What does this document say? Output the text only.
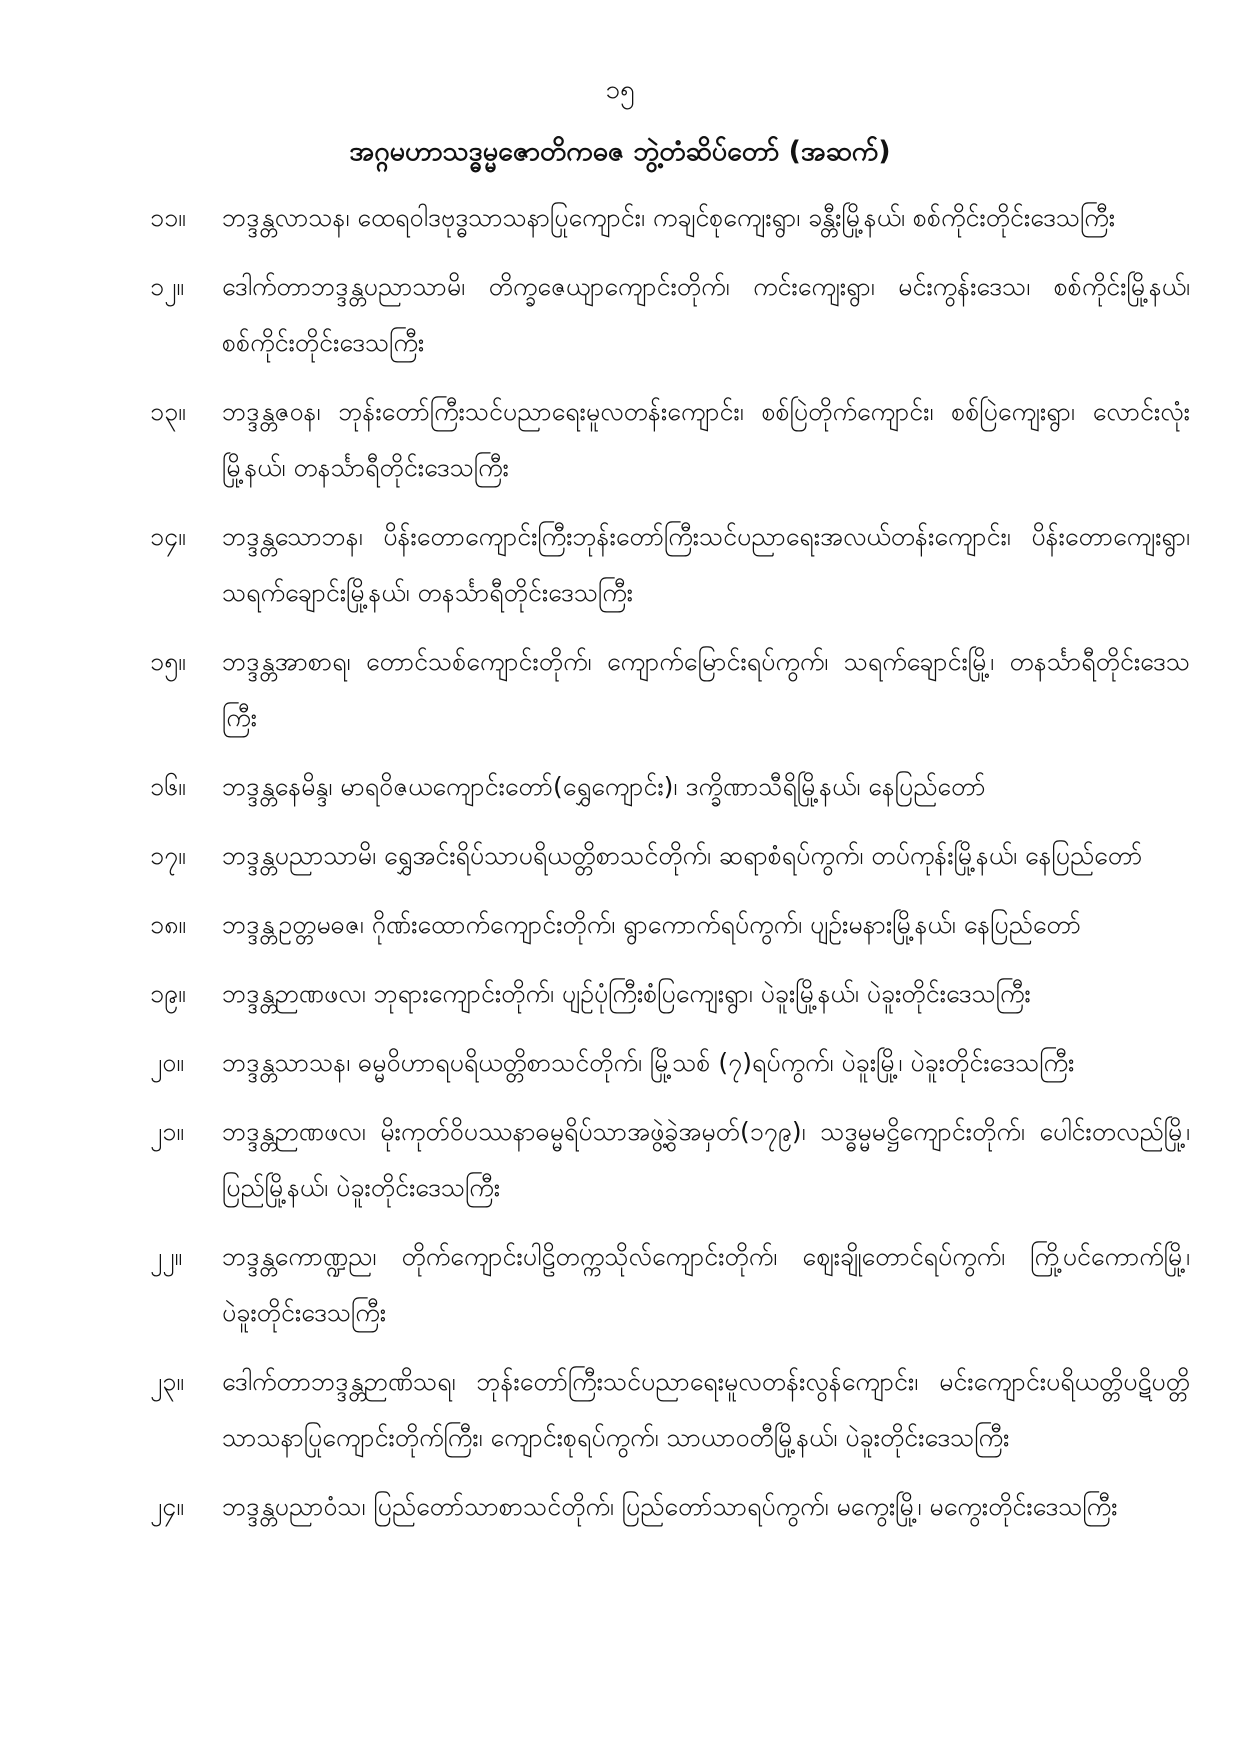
၁၅
အဂ္ဂမဟာသဒ္ဓမ္မဇောတိကဓဇ ဘွဲ့တံဆိပ်တော် (အဆက်)
၁၁။	ဘဒ္ဒန္တလာသန၊ ထေရဝါဒဗုဒ္ဓသာသနာပြုကျောင်း၊ ကချင်စုကျေးရွာ၊ ခန္တီးမြို့နယ်၊ စစ်ကိုင်းတိုင်းဒေသကြီး
၁၂။	ဒေါက်တာဘဒ္ဒန္တပညာသာမိ၊ တိက္ခဇေယျာကျောင်းတိုက်၊ ကင်းကျေးရွာ၊ မင်းကွန်းဒေသ၊ စစ်ကိုင်းမြို့နယ်၊ စစ်ကိုင်းတိုင်းဒေသကြီး
၁၃။	ဘဒ္ဒန္တဇဝန၊ ဘုန်းတော်ကြီးသင်ပညာရေးမူလတန်းကျောင်း၊ စစ်ပြဲတိုက်ကျောင်း၊ စစ်ပြဲကျေးရွာ၊ လောင်းလုံးမြို့နယ်၊ တနင်္သာရီတိုင်းဒေသကြီး
၁၄။	ဘဒ္ဒန္တသောဘန၊ ပိန်းတောကျောင်းကြီးဘုန်းတော်ကြီးသင်ပညာရေးအလယ်တန်းကျောင်း၊ ပိန်းတောကျေးရွာ၊ သရက်ချောင်းမြို့နယ်၊ တနင်္သာရီတိုင်းဒေသကြီး
၁၅။	ဘဒ္ဒန္တအာစာရ၊ တောင်သစ်ကျောင်းတိုက်၊ ကျောက်မြောင်းရပ်ကွက်၊ သရက်ချောင်းမြို့၊ တနင်္သာရီတိုင်းဒေသကြီး
၁၆။	ဘဒ္ဒန္တနေမိန္ဒ၊ မာရဝိဇယကျောင်းတော်(ရွှေကျောင်း)၊ ဒက္ခိဏာသီရိမြို့နယ်၊ နေပြည်တော်
၁၇။	ဘဒ္ဒန္တပညာသာမိ၊ ရွှေအင်းရိပ်သာပရိယတ္တိစာသင်တိုက်၊ ဆရာစံရပ်ကွက်၊ တပ်ကုန်းမြို့နယ်၊ နေပြည်တော်
၁၈။	ဘဒ္ဒန္တဥတ္တမဓဇ၊ ဂိုဏ်းထောက်ကျောင်းတိုက်၊ ရွာကောက်ရပ်ကွက်၊ ပျဉ်းမနားမြို့နယ်၊ နေပြည်တော်
၁၉။	ဘဒ္ဒန္တဉာဏဖလ၊ ဘုရားကျောင်းတိုက်၊ ပျဉ်ပုံကြီးစံပြကျေးရွာ၊ ပဲခူးမြို့နယ်၊ ပဲခူးတိုင်းဒေသကြီး
၂၀။	ဘဒ္ဒန္တသာသန၊ ဓမ္မဝိဟာရပရိယတ္တိစာသင်တိုက်၊ မြို့သစ် (၇)ရပ်ကွက်၊ ပဲခူးမြို့၊ ပဲခူးတိုင်းဒေသကြီး
၂၁။	ဘဒ္ဒန္တဉာဏဖလ၊ မိုးကုတ်ဝိပဿနာဓမ္မရိပ်သာအဖွဲ့ခွဲအမှတ်(၁၇၉)၊ သဒ္ဓမ္မမဋ္ဌိကျောင်းတိုက်၊ ပေါင်းတလည်မြို့၊ ပြည်မြို့နယ်၊ ပဲခူးတိုင်းဒေသကြီး
၂၂။	ဘဒ္ဒန္တကောဏ္ဍည၊ တိုက်ကျောင်းပါဠိတက္ကသိုလ်ကျောင်းတိုက်၊ ဈေးချိုတောင်ရပ်ကွက်၊ ကြို့ပင်ကောက်မြို့၊ ပဲခူးတိုင်းဒေသကြီး
၂၃။	ဒေါက်တာဘဒ္ဒန္တဉာဏိသရ၊ ဘုန်းတော်ကြီးသင်ပညာရေးမူလတန်းလွန်ကျောင်း၊ မင်းကျောင်းပရိယတ္တိပဋိပတ္တိသာသနာပြုကျောင်းတိုက်ကြီး၊ ကျောင်းစုရပ်ကွက်၊ သာယာဝတီမြို့နယ်၊ ပဲခူးတိုင်းဒေသကြီး
၂၄။	ဘဒ္ဒန္တပညာဝံသ၊ ပြည်တော်သာစာသင်တိုက်၊ ပြည်တော်သာရပ်ကွက်၊ မကွေးမြို့၊ မကွေးတိုင်းဒေသကြီး
